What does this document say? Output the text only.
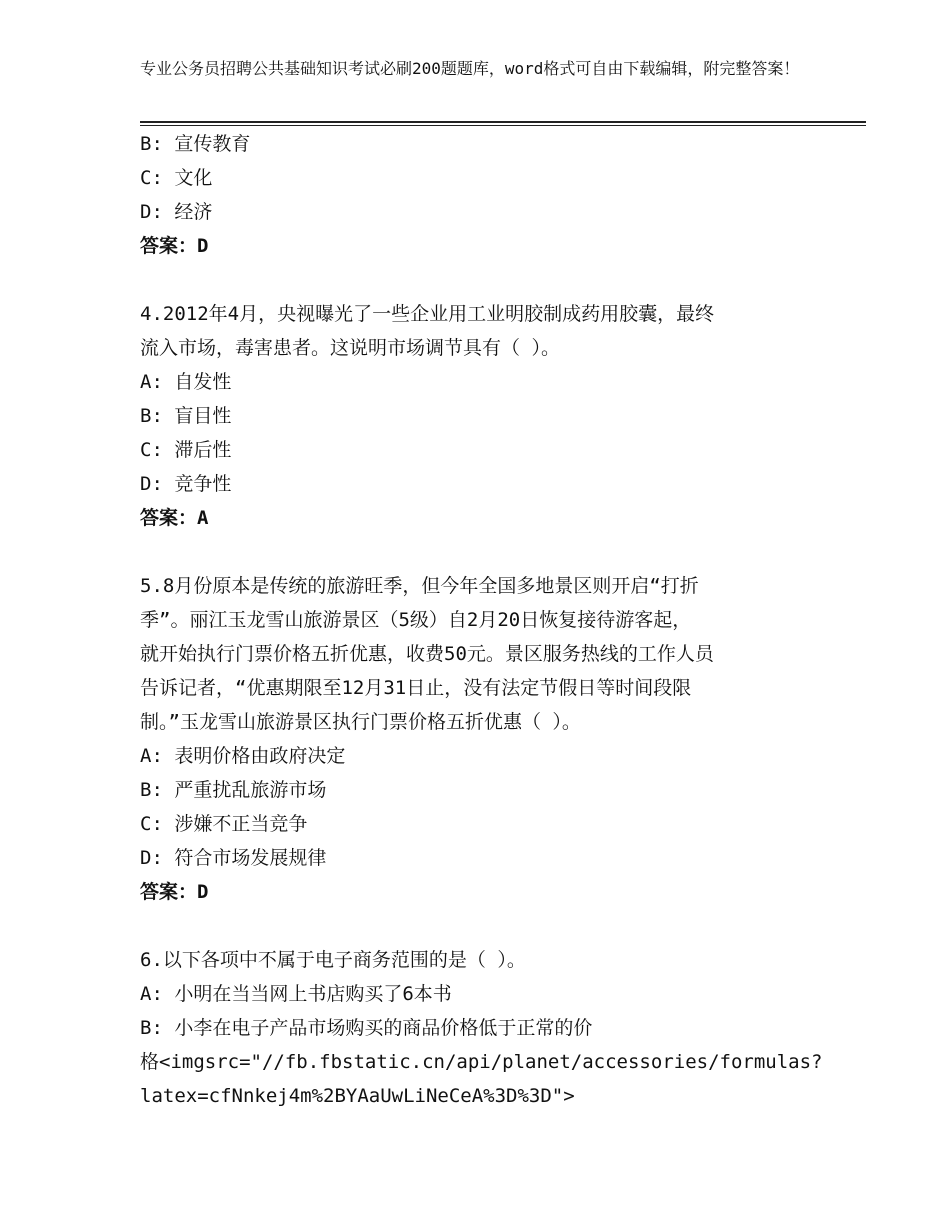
专业公务员招聘公共基础知识考试必刷200题题库，word格式可自由下载编辑，附完整答案！
B: 宣传教育
C: 文化
D: 经济
答案：D
4.2012年4月，央视曝光了一些企业用工业明胶制成药用胶囊，最终
流入市场，毒害患者。这说明市场调节具有（ ）。
A: 自发性
B: 盲目性
C: 滞后性
D: 竞争性
答案：A
5.8月份原本是传统的旅游旺季，但今年全国多地景区则开启“打折
季”。丽江玉龙雪山旅游景区（5级）自2月20日恢复接待游客起，
就开始执行门票价格五折优惠，收费50元。景区服务热线的工作人员
告诉记者，“优惠期限至12月31日止，没有法定节假日等时间段限
制。”玉龙雪山旅游景区执行门票价格五折优惠（ ）。
A: 表明价格由政府决定
B: 严重扰乱旅游市场
C: 涉嫌不正当竞争
D: 符合市场发展规律
答案：D
6.以下各项中不属于电子商务范围的是（ ）。
A: 小明在当当网上书店购买了6本书
B: 小李在电子产品市场购买的商品价格低于正常的价
格<imgsrc="//fb.fbstatic.cn/api/planet/accessories/formulas?
latex=cfNnkej4m%2BYAaUwLiNeCeA%3D%3D">
